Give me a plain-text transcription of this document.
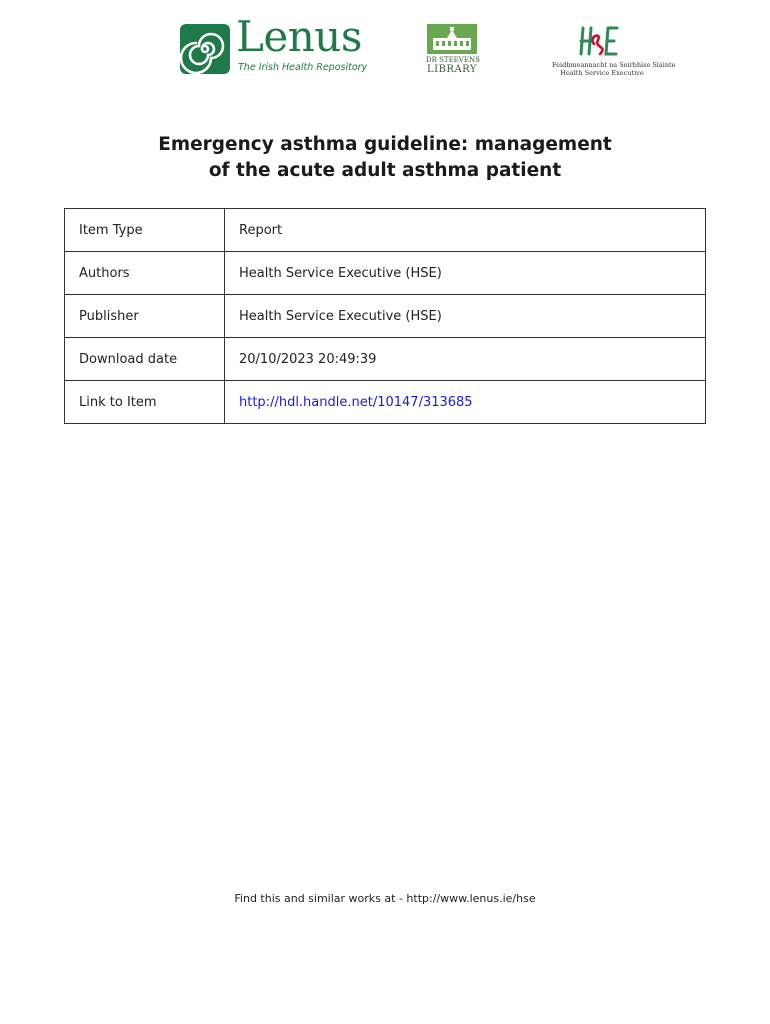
Lenus
The Irish Health Repository
DR STEEVENS
LIBRARY	Feidhmeannacht na Seirbhíse Sláinte
Health Service Executive
Emergency asthma guideline: management
of the acute adult asthma patient
Item Type	Report
Authors	Health Service Executive (HSE)
Publisher	Health Service Executive (HSE)
Download date	20/10/2023 20:49:39
Link to Item	http://hdl.handle.net/10147/313685
Find this and similar works at - http://www.lenus.ie/hse
